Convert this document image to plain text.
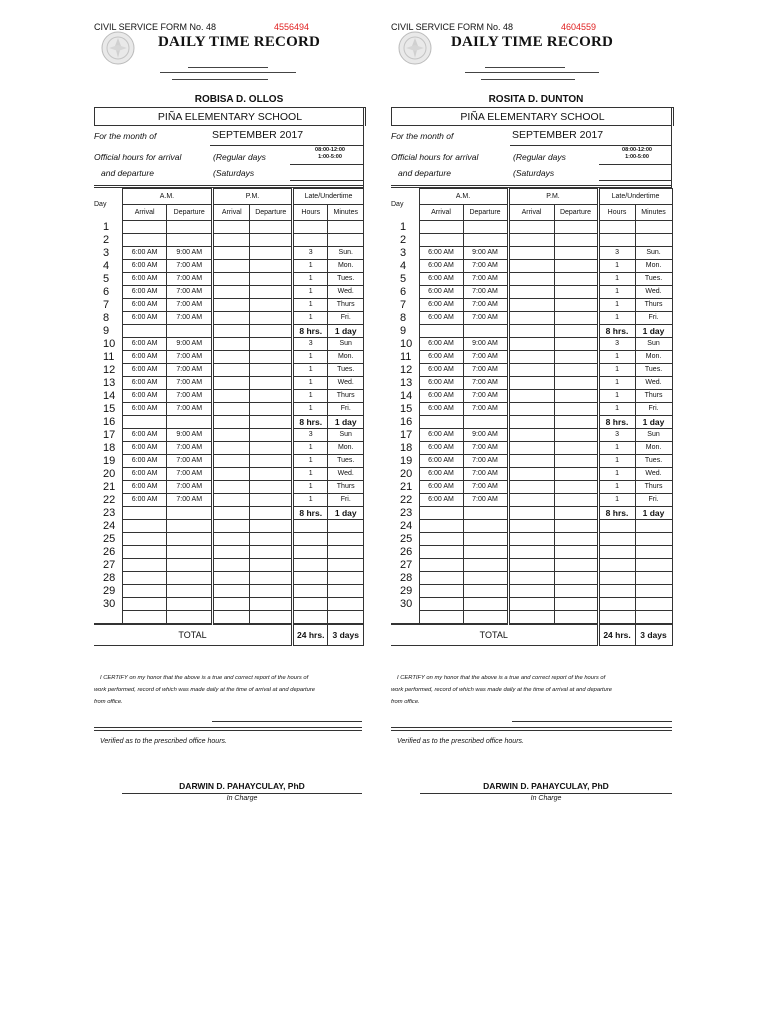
CIVIL SERVICE FORM No. 48	4556494
DAILY TIME RECORD
ROBISA D. OLLOS
PIÑA ELEMENTARY SCHOOL
For the month of	SEPTEMBER 2017
Official hours for arrival
and departure
(Regular days
(Saturdays
08:00-12:00
1:00-5:00
Day	A.M.		P.M.		Late/Undertime	
	Arrival	Departure	Arrival	Departure	Hours	Minutes
1						
2						
3	6:00 AM	9:00 AM			3	Sun.
4	6:00 AM	7:00 AM			1	Mon.
5	6:00 AM	7:00 AM			1	Tues.
6	6:00 AM	7:00 AM			1	Wed.
7	6:00 AM	7:00 AM			1	Thurs
8	6:00 AM	7:00 AM			1	Fri.
9					8 hrs.	1 day
10	6:00 AM	9:00 AM			3	Sun
11	6:00 AM	7:00 AM			1	Mon.
12	6:00 AM	7:00 AM			1	Tues.
13	6:00 AM	7:00 AM			1	Wed.
14	6:00 AM	7:00 AM			1	Thurs
15	6:00 AM	7:00 AM			1	Fri.
16					8 hrs.	1 day
17	6:00 AM	9:00 AM			3	Sun
18	6:00 AM	7:00 AM			1	Mon.
19	6:00 AM	7:00 AM			1	Tues.
20	6:00 AM	7:00 AM			1	Wed.
21	6:00 AM	7:00 AM			1	Thurs
22	6:00 AM	7:00 AM			1	Fri.
23					8 hrs.	1 day
24						
25						
26						
27						
28						
29						
30						

TOTAL					24 hrs.	3 days
I CERTIFY on my honor that the above is a true and correct report of the hours of
work performed, record of which was made daily at the time of arrival at and departure
from office.
Verified as to the prescribed office hours.
DARWIN D. PAHAYCULAY, PhD
In Charge
CIVIL SERVICE FORM No. 48	4604559
DAILY TIME RECORD
ROSITA D. DUNTON
PIÑA ELEMENTARY SCHOOL
For the month of	SEPTEMBER 2017
Official hours for arrival
and departure
(Regular days
(Saturdays
08:00-12:00
1:00-5:00
Day	A.M.		P.M.		Late/Undertime	
	Arrival	Departure	Arrival	Departure	Hours	Minutes
1						
2						
3	6:00 AM	9:00 AM			3	Sun.
4	6:00 AM	7:00 AM			1	Mon.
5	6:00 AM	7:00 AM			1	Tues.
6	6:00 AM	7:00 AM			1	Wed.
7	6:00 AM	7:00 AM			1	Thurs
8	6:00 AM	7:00 AM			1	Fri.
9					8 hrs.	1 day
10	6:00 AM	9:00 AM			3	Sun
11	6:00 AM	7:00 AM			1	Mon.
12	6:00 AM	7:00 AM			1	Tues.
13	6:00 AM	7:00 AM			1	Wed.
14	6:00 AM	7:00 AM			1	Thurs
15	6:00 AM	7:00 AM			1	Fri.
16					8 hrs.	1 day
17	6:00 AM	9:00 AM			3	Sun
18	6:00 AM	7:00 AM			1	Mon.
19	6:00 AM	7:00 AM			1	Tues.
20	6:00 AM	7:00 AM			1	Wed.
21	6:00 AM	7:00 AM			1	Thurs
22	6:00 AM	7:00 AM			1	Fri.
23					8 hrs.	1 day
24						
25						
26						
27						
28						
29						
30						

TOTAL					24 hrs.	3 days
I CERTIFY on my honor that the above is a true and correct report of the hours of
work performed, record of which was made daily at the time of arrival at and departure
from office.
Verified as to the prescribed office hours.
DARWIN D. PAHAYCULAY, PhD
In Charge
